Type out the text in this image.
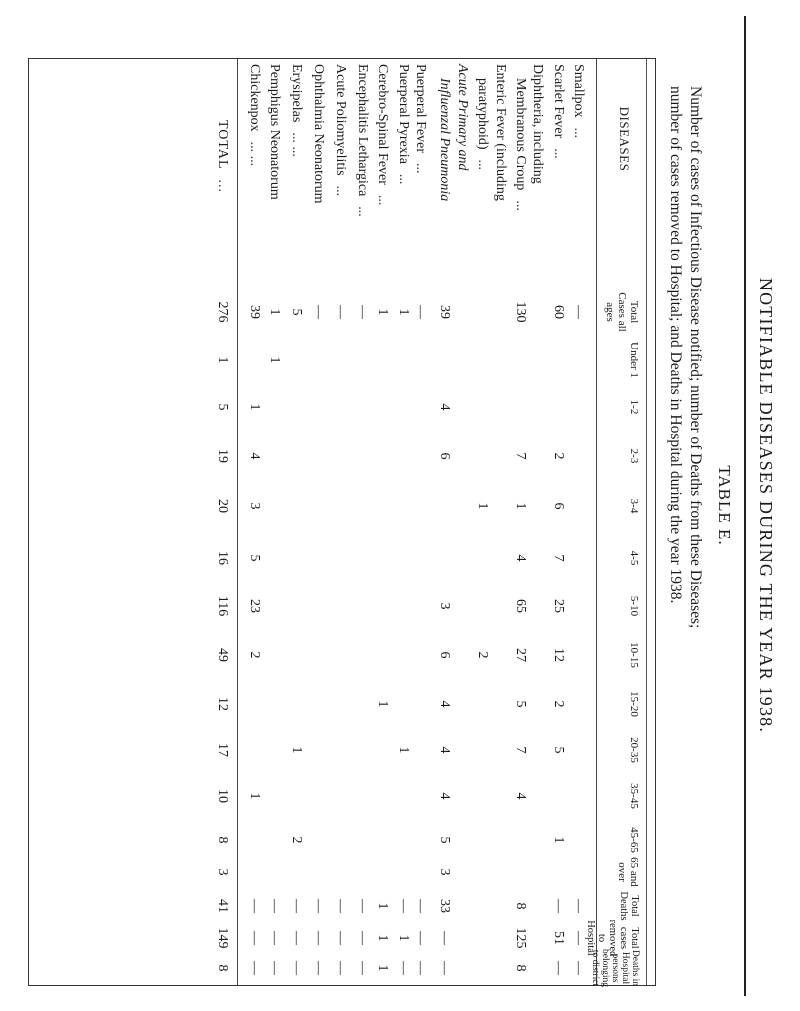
NOTIFIABLE DISEASES DURING THE YEAR 1938.
TABLE E.
Number of cases of Infectious Disease notified; number of Deaths from these Diseases;
number of cases removed to Hospital; and Deaths in Hospital during the year 1938.
DISEASES
Total Cases all ages
Under 1
1-2
2-3
3-4
4-5
5-10
10-15
15-20
20-35
35-45
45-65
65 and over
Total Deaths
Total cases removed to Hospital
Deaths in Hospital persons belonging to district
Smallpox...
—
—
—
—
Scarlet Fever...
60
2
6
7
25
12
2
5
1
—
51
—
Diphtheria, including
Membranous Croup...
130
7
1
4
65
27
5
7
4
8
125
8
Enteric Fever (including
paratyphoid)...
1
2
Acute Primary and
Influenzal Pneumonia
39
4
6
3
6
4
4
4
5
3
33
—
—
Puerperal Fever...
—
—
—
—
Puerperal Pyrexia...
1
1
—
1
—
Cerebro-Spinal Fever...
1
1
1
1
1
Encephalitis Lethargica...
—
—
—
—
Acute Poliomyelitis...
—
—
—
—
Ophthalmia Neonatorum
—
—
—
—
Erysipelas... ...
5
1
2
—
—
—
Pemphigus Neonatorum
1
1
—
—
—
Chickenpox... ...
39
1
4
3
5
23
2
1
—
—
—
TOTAL...
276
1
5
19
20
16
116
49
12
17
10
8
3
41
149
8
